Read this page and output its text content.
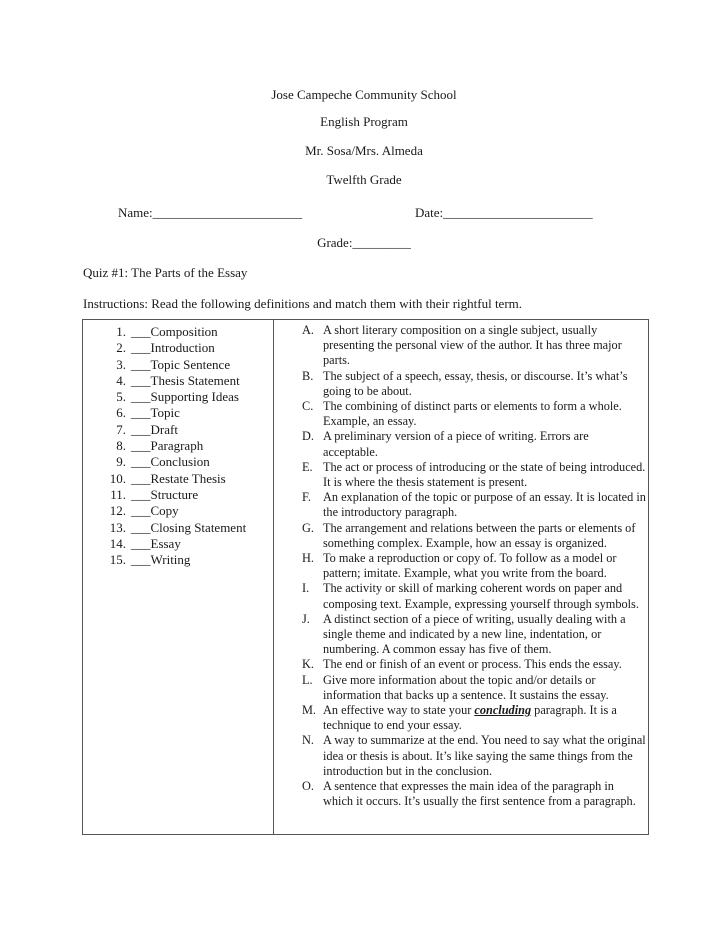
Jose Campeche Community School
English Program
Mr. Sosa/Mrs. Almeda
Twelfth Grade
Name:_______________________	Date:_______________________
Grade:_________
Quiz #1: The Parts of the Essay
Instructions: Read the following definitions and match them with their rightful term.
1. ___Composition
2. ___Introduction
3. ___Topic Sentence
4. ___Thesis Statement
5. ___Supporting Ideas
6. ___Topic
7. ___Draft
8. ___Paragraph
9. ___Conclusion
10. ___Restate Thesis
11. ___Structure
12. ___Copy
13. ___Closing Statement
14. ___Essay
15. ___Writing
A. A short literary composition on a single subject, usually presenting the personal view of the author. It has three major parts.
B. The subject of a speech, essay, thesis, or discourse. It’s what’s going to be about.
C. The combining of distinct parts or elements to form a whole. Example, an essay.
D. A preliminary version of a piece of writing. Errors are acceptable.
E. The act or process of introducing or the state of being introduced. It is where the thesis statement is present.
F. An explanation of the topic or purpose of an essay. It is located in the introductory paragraph.
G. The arrangement and relations between the parts or elements of something complex. Example, how an essay is organized.
H. To make a reproduction or copy of. To follow as a model or pattern; imitate. Example, what you write from the board.
I.	The activity or skill of marking coherent words on paper and composing text. Example, expressing yourself through symbols.
J.	A distinct section of a piece of writing, usually dealing with a single theme and indicated by a new line, indentation, or numbering. A common essay has five of them.
K. The end or finish of an event or process. This ends the essay.
L. Give more information about the topic and/or details or information that backs up a sentence. It sustains the essay.
M. An effective way to state your concluding paragraph. It is a technique to end your essay.
N. A way to summarize at the end. You need to say what the original idea or thesis is about. It’s like saying the same things from the introduction but in the conclusion.
O. A sentence that expresses the main idea of the paragraph in which it occurs. It’s usually the first sentence from a paragraph.
